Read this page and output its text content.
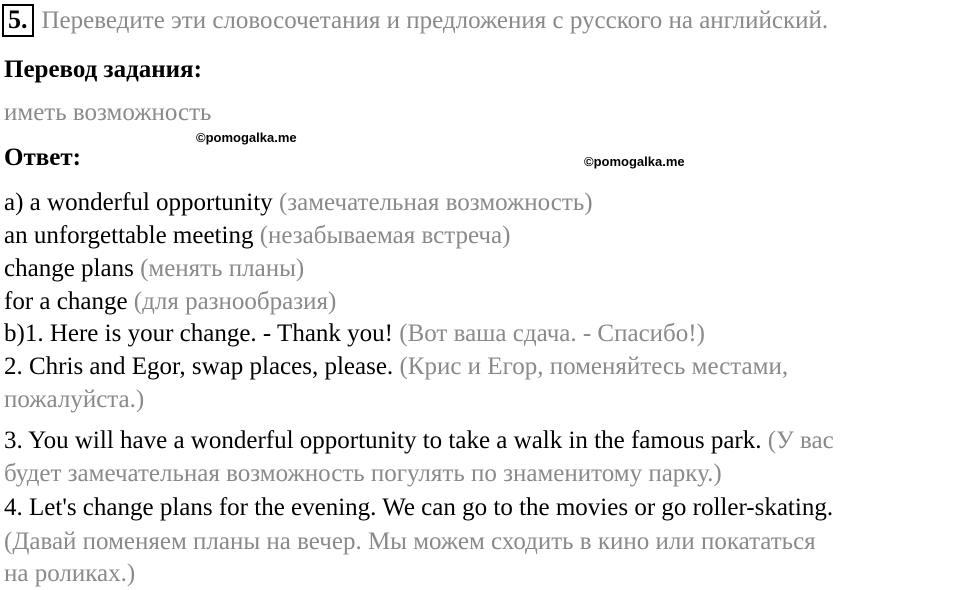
5. Переведите эти словосочетания и предложения с русского на английский.
Перевод задания:
иметь возможность
©pomogalka.me
Ответ:	©pomogalka.me
a) a wonderful opportunity (замечательная возможность)
an unforgettable meeting (незабываемая встреча)
change plans (менять планы)
for a change (для разнообразия)
b)1. Here is your change. - Thank you! (Вот ваша сдача. - Спасибо!)
2. Chris and Egor, swap places, please. (Крис и Егор, поменяйтесь местами,
пожалуйста.)
3. You will have a wonderful opportunity to take a walk in the famous park. (У вас
будет замечательная возможность погулять по знаменитому парку.)
4. Let's change plans for the evening. We can go to the movies or go roller-skating.
(Давай поменяем планы на вечер. Мы можем сходить в кино или покататься
на роликах.)
